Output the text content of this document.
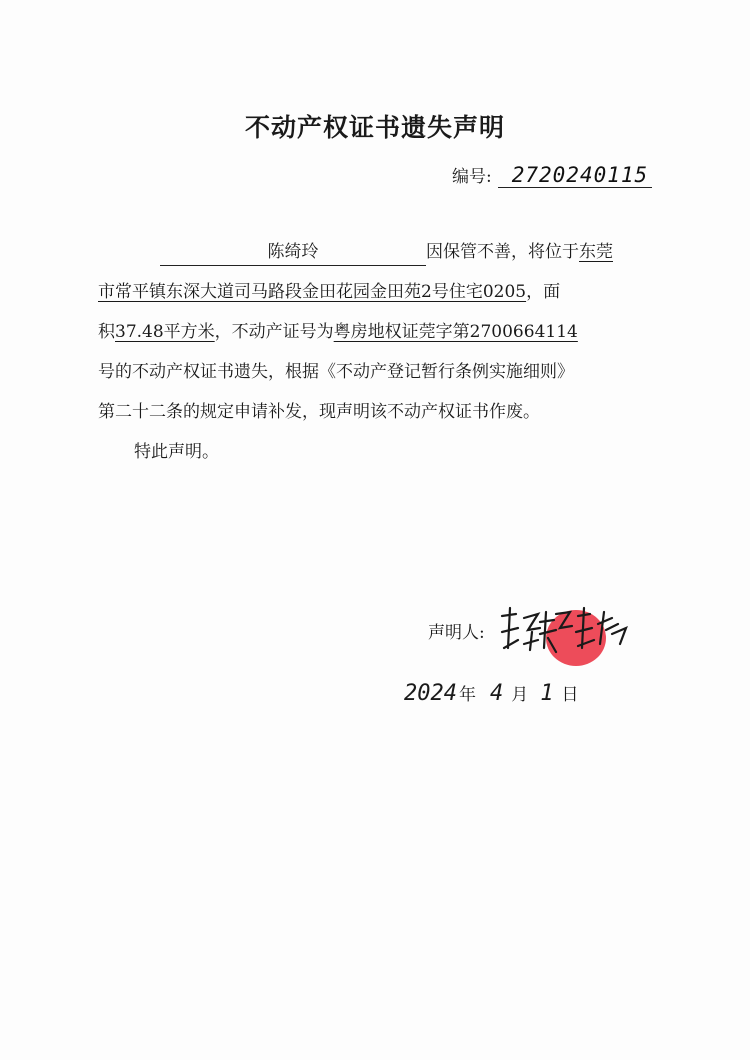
不动产权证书遗失声明
编号: 2720240115
陈绮玲	因保管不善，将位于东莞
市常平镇东深大道司马路段金田花园金田苑2号住宅0205，面
积37.48平方米，不动产证号为粤房地权证莞字第2700664114
号的不动产权证书遗失，根据《不动产登记暂行条例实施细则》
第二十二条的规定申请补发，现声明该不动产权证书作废。
特此声明。
声明人:
2024 年 4 月 1 日
